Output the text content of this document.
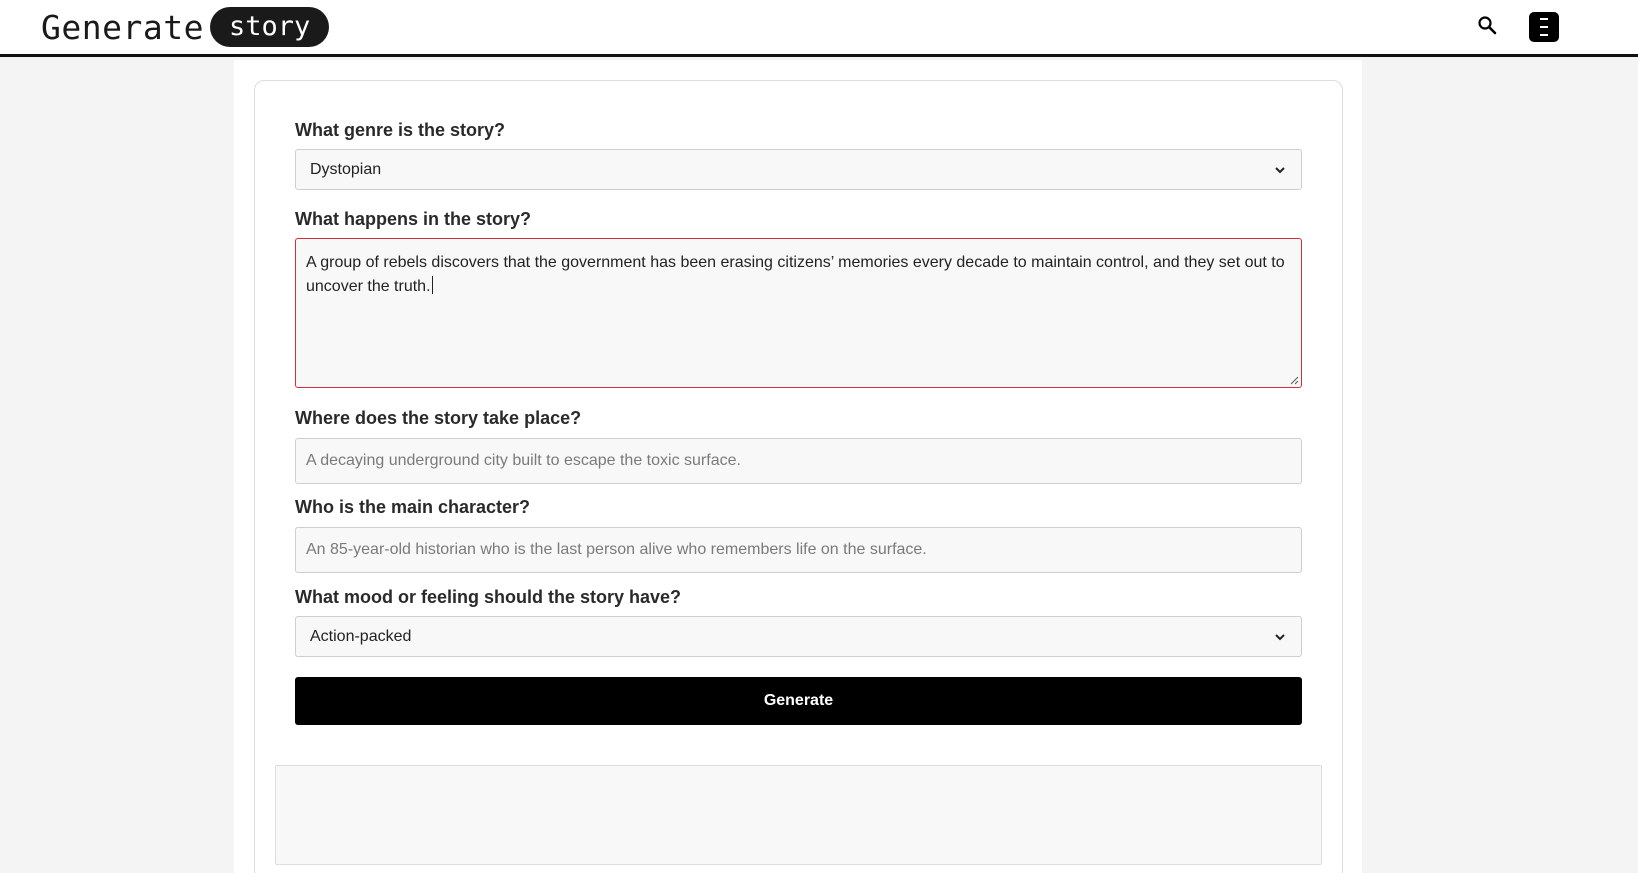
Generate story
What genre is the story?
Dystopian
What happens in the story?
A group of rebels discovers that the government has been erasing citizens’ memories every decade to maintain control, and they set out to uncover the truth.
Where does the story take place?
A decaying underground city built to escape the toxic surface.
Who is the main character?
An 85-year-old historian who is the last person alive who remembers life on the surface.
What mood or feeling should the story have?
Action-packed
Generate
